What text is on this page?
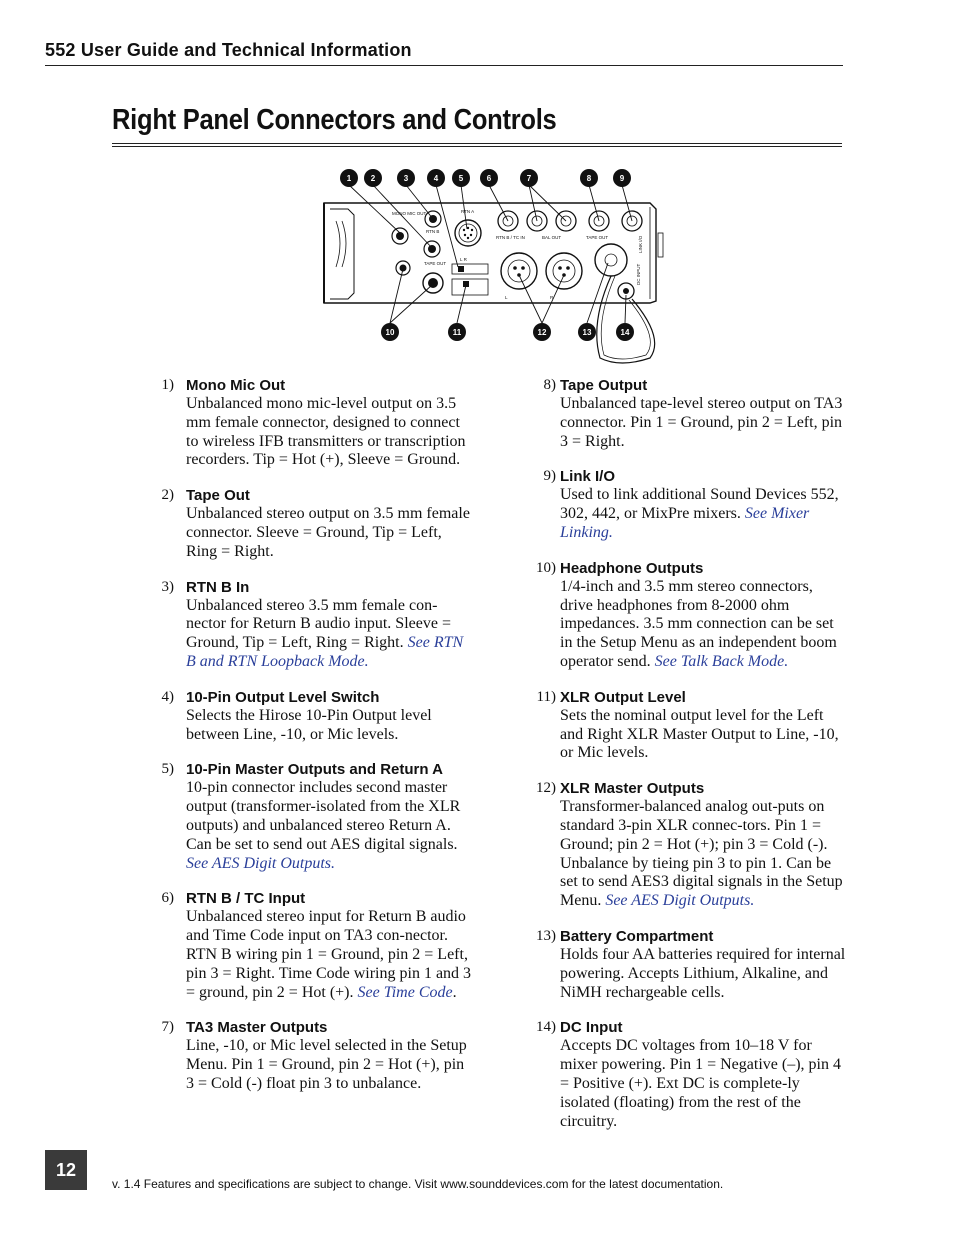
552 User Guide and Technical Information
Right Panel Connectors and Controls
MONO MIC OUT
RTN B
TAPE OUT
RTN A
RTN B / TC IN	BAL OUT	TAPE OUT
L R
L	R
LINK I/O
DC INPUT
1 2	3	4	5	6	7	8	9
10	11	12	13	14
1) Mono Mic Out
Unbalanced mono mic-level output on 3.5 mm female connector, designed to connect to wireless IFB transmitters or transcription recorders. Tip = Hot (+), Sleeve = Ground.
2) Tape Out
Unbalanced stereo output on 3.5 mm female connector. Sleeve = Ground, Tip = Left, Ring = Right.
3) RTN B In
Unbalanced stereo 3.5 mm female con-nector for Return B audio input. Sleeve = Ground, Tip = Left, Ring = Right. See RTN B and RTN Loopback Mode.
4) 10-Pin Output Level Switch
Selects the Hirose 10-Pin Output level between Line, -10, or Mic levels.
5) 10-Pin Master Outputs and Return A
10-pin connector includes second master output (transformer-isolated from the XLR outputs) and unbalanced stereo Return A. Can be set to send out AES digital signals. See AES Digit Outputs.
6) RTN B / TC Input
Unbalanced stereo input for Return B audio and Time Code input on TA3 con-nector. RTN B wiring pin 1 = Ground, pin 2 = Left, pin 3 = Right. Time Code wiring pin 1 and 3 = ground, pin 2 = Hot (+). See Time Code.
7) TA3 Master Outputs
Line, -10, or Mic level selected in the Setup Menu. Pin 1 = Ground, pin 2 = Hot (+), pin 3 = Cold (-) float pin 3 to unbalance.
8) Tape Output
Unbalanced tape-level stereo output on TA3 connector. Pin 1 = Ground, pin 2 = Left, pin 3 = Right.
9) Link I/O
Used to link additional Sound Devices 552, 302, 442, or MixPre mixers. See Mixer Linking.
10) Headphone Outputs
1/4-inch and 3.5 mm stereo connectors, drive headphones from 8-2000 ohm impedances. 3.5 mm connection can be set in the Setup Menu as an independent boom operator send. See Talk Back Mode.
11) XLR Output Level
Sets the nominal output level for the Left and Right XLR Master Output to Line, -10, or Mic levels.
12) XLR Master Outputs
Transformer-balanced analog out-puts on standard 3-pin XLR connec-tors. Pin 1 = Ground; pin 2 = Hot (+); pin 3 = Cold (-). Unbalance by tieing pin 3 to pin 1. Can be set to send AES3 digital signals in the Setup Menu. See AES Digit Outputs.
13) Battery Compartment
Holds four AA batteries required for internal powering. Accepts Lithium, Alkaline, and NiMH rechargeable cells.
14) DC Input
Accepts DC voltages from 10–18 V for mixer powering. Pin 1 = Negative (–), pin 4 = Positive (+). Ext DC is complete-ly isolated (floating) from the rest of the circuitry.
12
v. 1.4 Features and specifications are subject to change. Visit www.sounddevices.com for the latest documentation.
